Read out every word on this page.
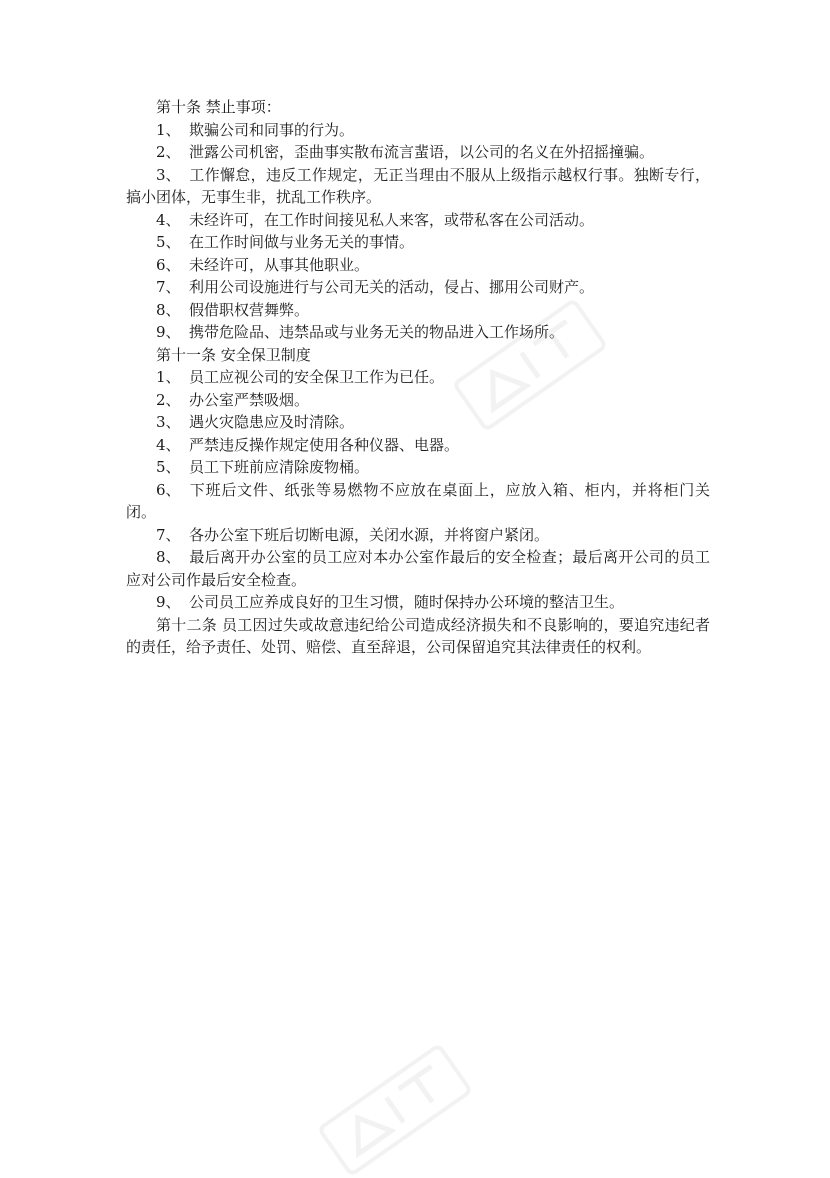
第十条 禁止事项：

1、 欺骗公司和同事的行为。

2、 泄露公司机密，歪曲事实散布流言蜚语，以公司的名义在外招摇撞骗。

3、 工作懈怠，违反工作规定，无正当理由不服从上级指示越权行事。独断专行，搞小团体，无事生非，扰乱工作秩序。

4、 未经许可，在工作时间接见私人来客，或带私客在公司活动。

5、 在工作时间做与业务无关的事情。

6、 未经许可，从事其他职业。

7、 利用公司设施进行与公司无关的活动，侵占、挪用公司财产。

8、 假借职权营舞弊。

9、 携带危险品、违禁品或与业务无关的物品进入工作场所。

第十一条 安全保卫制度

1、 员工应视公司的安全保卫工作为已任。

2、 办公室严禁吸烟。

3、 遇火灾隐患应及时清除。

4、 严禁违反操作规定使用各种仪器、电器。

5、 员工下班前应清除废物桶。

6、 下班后文件、纸张等易燃物不应放在桌面上，应放入箱、柜内，并将柜门关闭。

7、 各办公室下班后切断电源，关闭水源，并将窗户紧闭。

8、 最后离开办公室的员工应对本办公室作最后的安全检查；最后离开公司的员工应对公司作最后安全检查。

9、 公司员工应养成良好的卫生习惯，随时保持办公环境的整洁卫生。

第十二条 员工因过失或故意违纪给公司造成经济损失和不良影响的，要追究违纪者的责任，给予责任、处罚、赔偿、直至辞退，公司保留追究其法律责任的权利。
